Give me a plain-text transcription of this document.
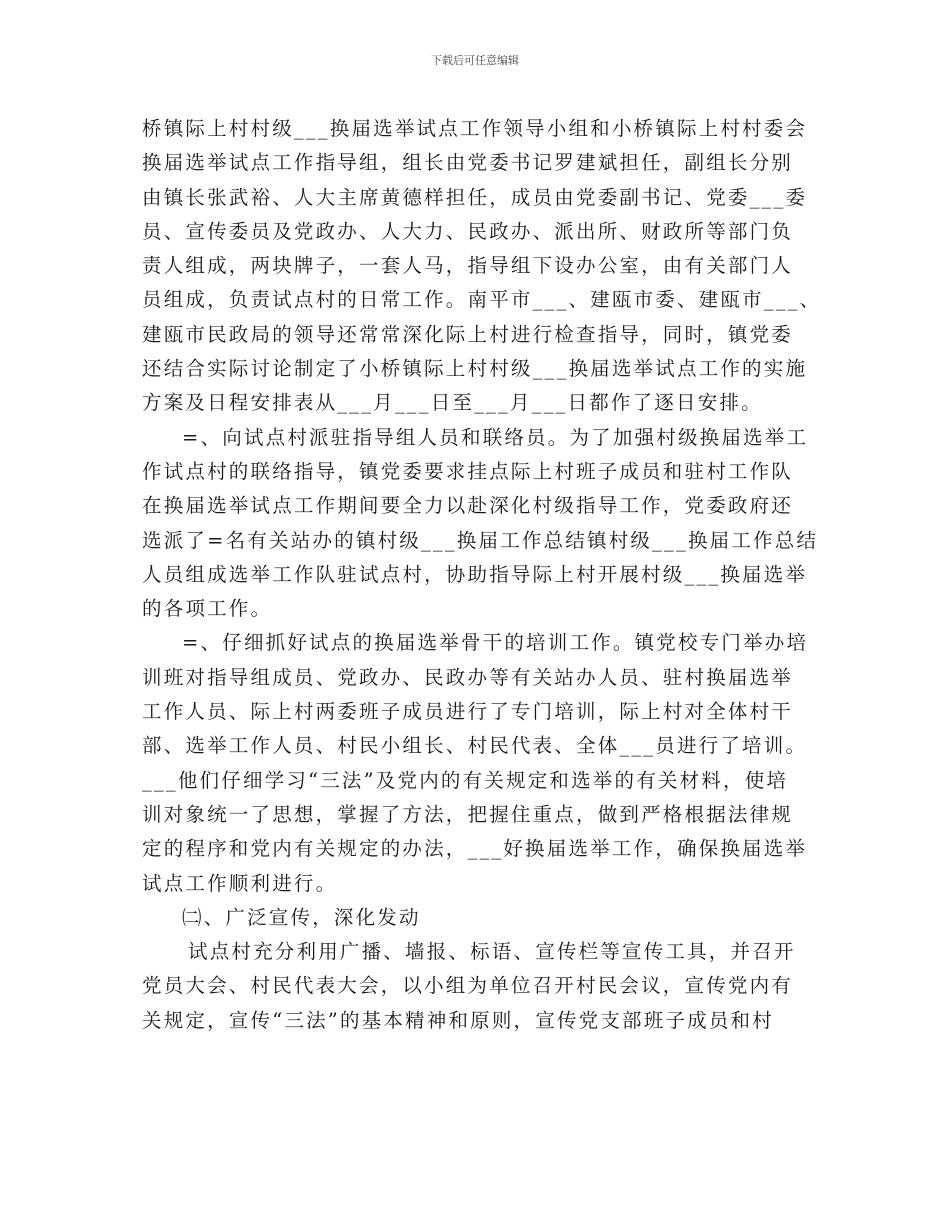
下载后可任意编辑
桥镇际上村村级___换届选举试点工作领导小组和小桥镇际上村村委会
换届选举试点工作指导组，组长由党委书记罗建斌担任，副组长分别
由镇长张武裕、人大主席黄德样担任，成员由党委副书记、党委___委
员、宣传委员及党政办、人大力、民政办、派出所、财政所等部门负
责人组成，两块牌子，一套人马，指导组下设办公室，由有关部门人
员组成，负责试点村的日常工作。南平市___、建瓯市委、建瓯市___、
建瓯市民政局的领导还常常深化际上村进行检查指导，同时，镇党委
还结合实际讨论制定了小桥镇际上村村级___换届选举试点工作的实施
方案及日程安排表从___月___日至___月___日都作了逐日安排。
=、向试点村派驻指导组人员和联络员。为了加强村级换届选举工
作试点村的联络指导，镇党委要求挂点际上村班子成员和驻村工作队
在换届选举试点工作期间要全力以赴深化村级指导工作，党委政府还
选派了=名有关站办的镇村级___换届工作总结镇村级___换届工作总结
人员组成选举工作队驻试点村，协助指导际上村开展村级___换届选举
的各项工作。
=、仔细抓好试点的换届选举骨干的培训工作。镇党校专门举办培
训班对指导组成员、党政办、民政办等有关站办人员、驻村换届选举
工作人员、际上村两委班子成员进行了专门培训，际上村对全体村干
部、选举工作人员、村民小组长、村民代表、全体___员进行了培训。
___他们仔细学习“三法”及党内的有关规定和选举的有关材料，使培
训对象统一了思想，掌握了方法，把握住重点，做到严格根据法律规
定的程序和党内有关规定的办法，___好换届选举工作，确保换届选举
试点工作顺利进行。
㈡、广泛宣传，深化发动
试点村充分利用广播、墙报、标语、宣传栏等宣传工具，并召开
党员大会、村民代表大会，以小组为单位召开村民会议，宣传党内有
关规定，宣传“三法”的基本精神和原则，宣传党支部班子成员和村
